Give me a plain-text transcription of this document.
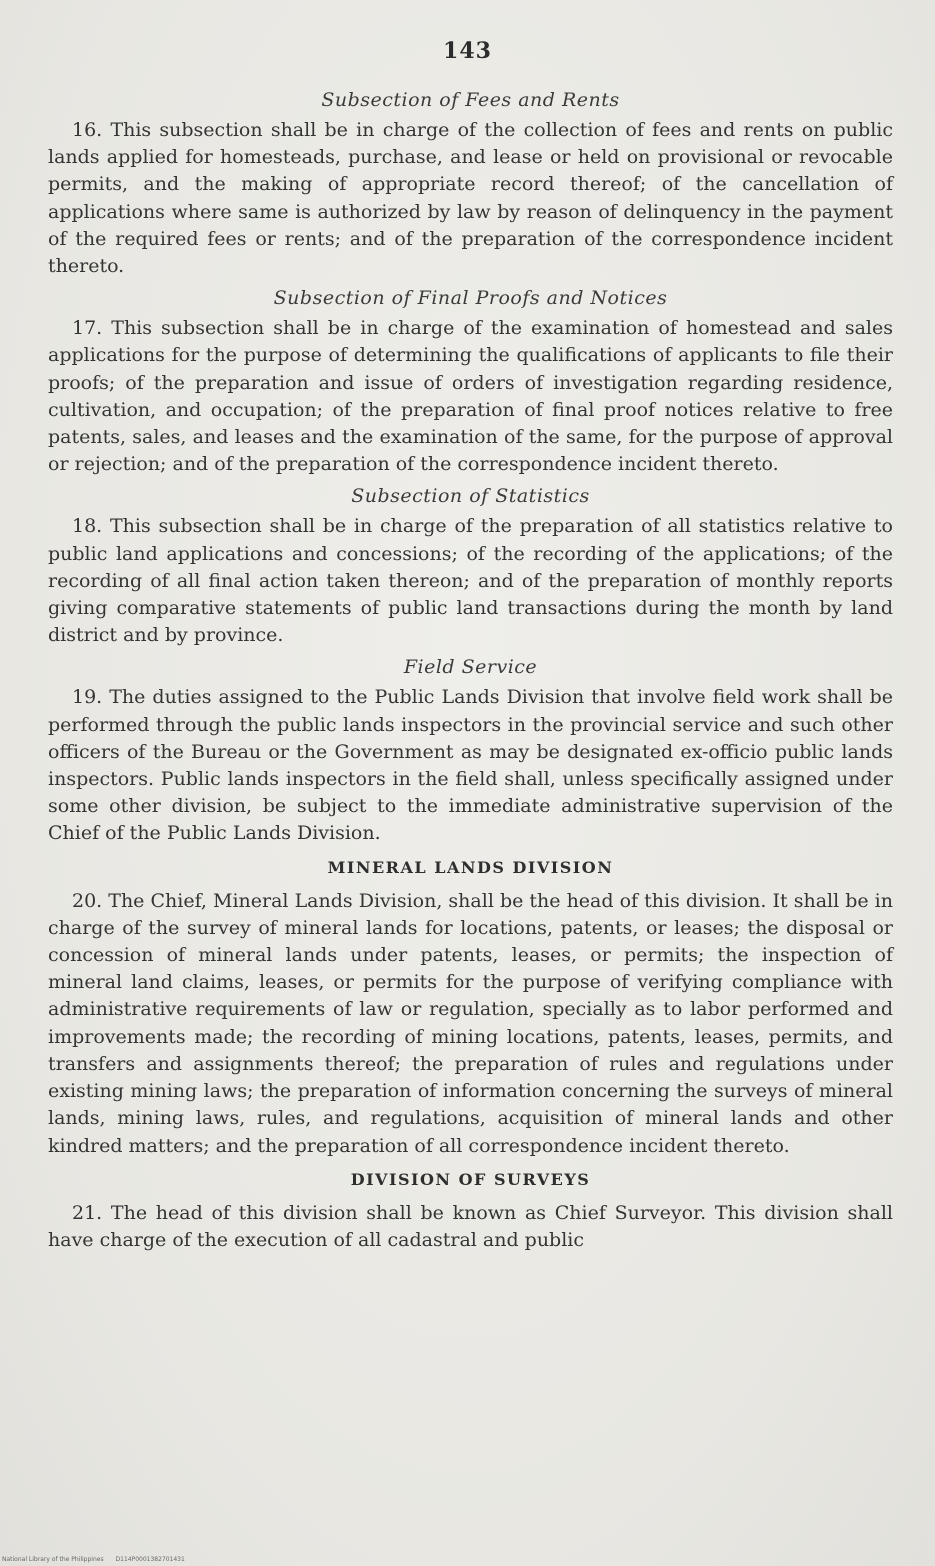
143
Subsection of Fees and Rents

16. This subsection shall be in charge of the collection of fees and rents on public lands applied for homesteads, purchase, and lease or held on provisional or revocable permits, and the making of appropriate record thereof; of the cancellation of applications where same is authorized by law by reason of delinquency in the payment of the required fees or rents; and of the preparation of the correspondence incident thereto.

Subsection of Final Proofs and Notices

17. This subsection shall be in charge of the examination of homestead and sales applications for the purpose of determining the qualifications of applicants to file their proofs; of the preparation and issue of orders of investigation regarding residence, cultivation, and occupation; of the preparation of final proof notices relative to free patents, sales, and leases and the examination of the same, for the purpose of approval or rejection; and of the preparation of the correspondence incident thereto.

Subsection of Statistics

18. This subsection shall be in charge of the preparation of all statistics relative to public land applications and concessions; of the recording of the applications; of the recording of all final action taken thereon; and of the preparation of monthly reports giving comparative statements of public land transactions during the month by land district and by province.

Field Service

19. The duties assigned to the Public Lands Division that involve field work shall be performed through the public lands inspectors in the provincial service and such other officers of the Bureau or the Government as may be designated ex-officio public lands inspectors. Public lands inspectors in the field shall, unless specifically assigned under some other division, be subject to the immediate administrative supervision of the Chief of the Public Lands Division.

MINERAL LANDS DIVISION

20. The Chief, Mineral Lands Division, shall be the head of this division. It shall be in charge of the survey of mineral lands for locations, patents, or leases; the disposal or concession of mineral lands under patents, leases, or permits; the inspection of mineral land claims, leases, or permits for the purpose of verifying compliance with administrative requirements of law or regulation, specially as to labor performed and improvements made; the recording of mining locations, patents, leases, permits, and transfers and assignments thereof; the preparation of rules and regulations under existing mining laws; the preparation of information concerning the surveys of mineral lands, mining laws, rules, and regulations, acquisition of mineral lands and other kindred matters; and the preparation of all correspondence incident thereto.

DIVISION OF SURVEYS

21. The head of this division shall be known as Chief Surveyor. This division shall have charge of the execution of all cadastral and public

National Library of the Philippines D114P0001382701431
